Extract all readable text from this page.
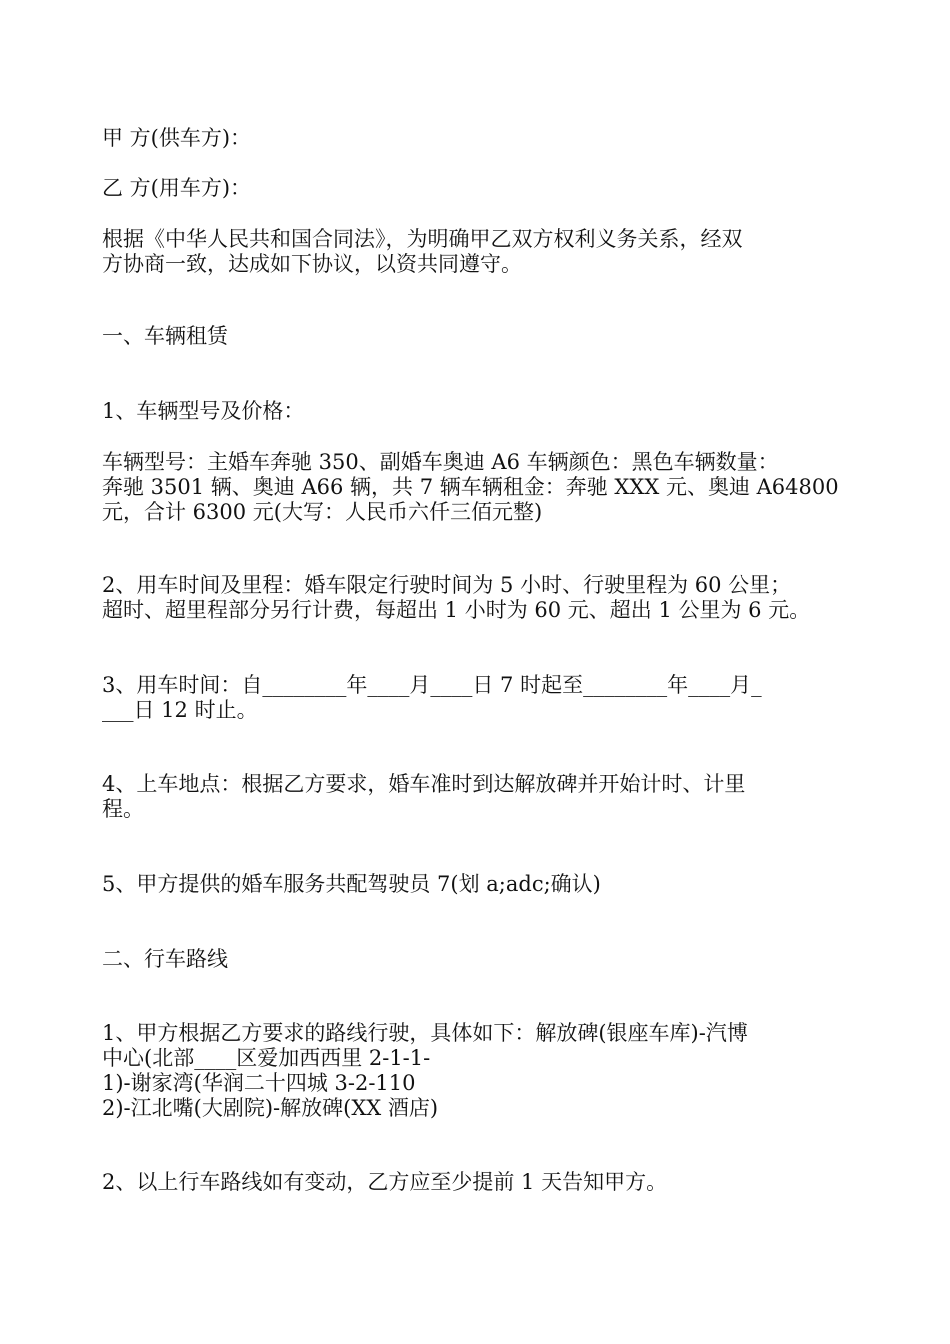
甲 方(供车方)：

乙 方(用车方)：

根据《中华人民共和国合同法》，为明确甲乙双方权利义务关系，经双
方协商一致，达成如下协议，以资共同遵守。

一、车辆租赁

1、车辆型号及价格：

车辆型号：主婚车奔驰 350、副婚车奥迪 A6 车辆颜色：黑色车辆数量：
奔驰 3501 辆、奥迪 A66 辆，共 7 辆车辆租金：奔驰 XXX 元、奥迪 A64800
元，合计 6300 元(大写：人民币六仟三佰元整)
2、用车时间及里程：婚车限定行驶时间为 5 小时、行驶里程为 60 公里；
超时、超里程部分另行计费，每超出 1 小时为 60 元、超出 1 公里为 6 元。
3、用车时间：自________年____月____日 7 时起至________年____月_
___日 12 时止。
4、上车地点：根据乙方要求，婚车准时到达解放碑并开始计时、计里
程。

5、甲方提供的婚车服务共配驾驶员 7(划 a;adc;确认)

二、行车路线

1、甲方根据乙方要求的路线行驶，具体如下：解放碑(银座车库)-汽博
中心(北部____区爱加西西里 2-1-1-
1)-谢家湾(华润二十四城 3-2-110
2)-江北嘴(大剧院)-解放碑(XX 酒店)

2、以上行车路线如有变动，乙方应至少提前 1 天告知甲方。
